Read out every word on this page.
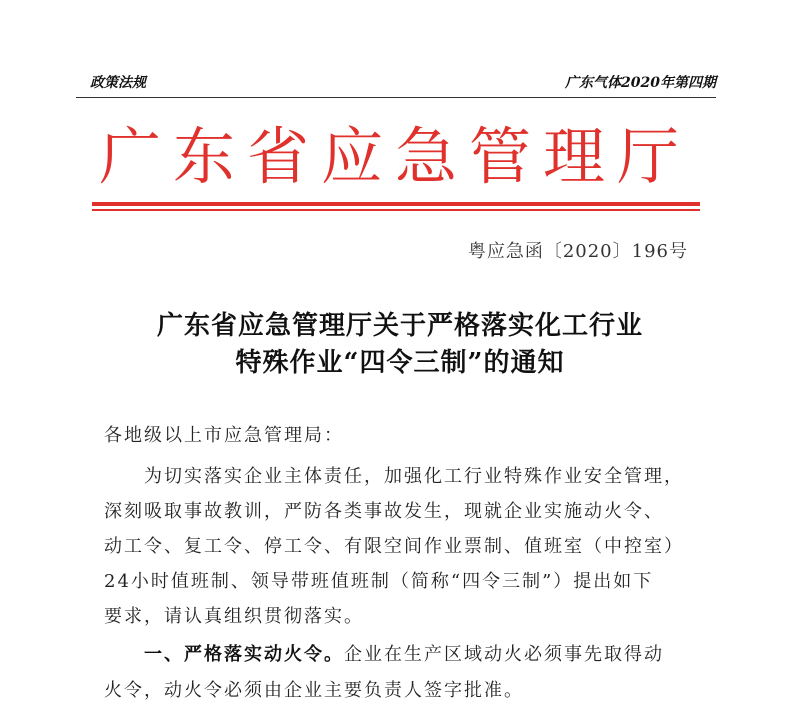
政策法规	广东气体2020年第四期
广东省应急管理厅
粤应急函〔2020〕196号
广东省应急管理厅关于严格落实化工行业
特殊作业“四令三制”的通知
各地级以上市应急管理局：
为切实落实企业主体责任，加强化工行业特殊作业安全管理，
深刻吸取事故教训，严防各类事故发生，现就企业实施动火令、
动工令、复工令、停工令、有限空间作业票制、值班室（中控室）
24小时值班制、领导带班值班制（简称“四令三制”）提出如下
要求，请认真组织贯彻落实。
一、严格落实动火令。企业在生产区域动火必须事先取得动
火令，动火令必须由企业主要负责人签字批准。
